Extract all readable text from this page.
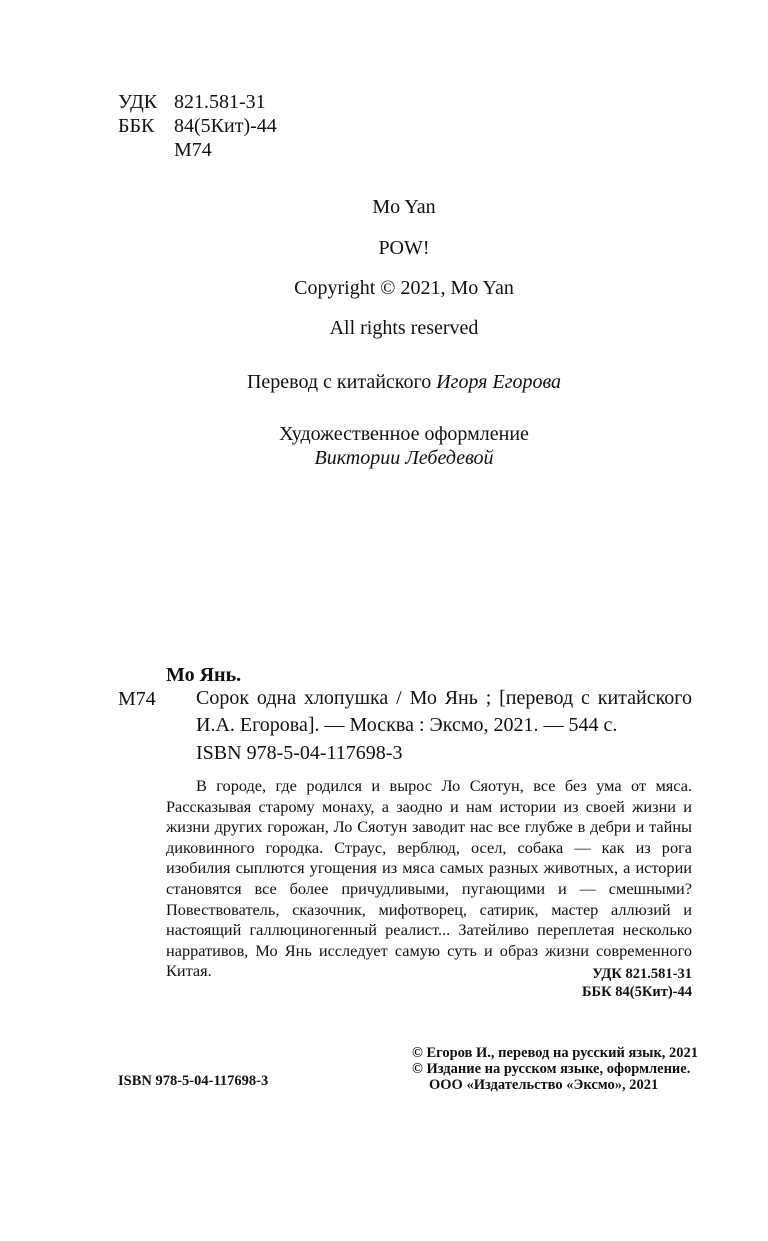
УДК 821.581-31
ББК 84(5Кит)-44
М74
Mo Yan
POW!
Copyright © 2021, Mo Yan
All rights reserved
Перевод с китайского Игоря Егорова
Художественное оформление
Виктории Лебедевой
Мо Янь.
М74 Сорок одна хлопушка / Мо Янь ; [перевод с китайского И.А. Егорова]. — Москва : Эксмо, 2021. — 544 с.
ISBN 978-5-04-117698-3
В городе, где родился и вырос Ло Сяотун, все без ума от мяса. Рассказывая старому монаху, а заодно и нам истории из своей жизни и жизни других горожан, Ло Сяотун заводит нас все глубже в дебри и тайны диковинного городка. Страус, верблюд, осел, собака — как из рога изобилия сыплются угощения из мяса самых разных животных, а истории становятся все более причудливыми, пугающими и — смешными? Повествователь, сказочник, мифотворец, сатирик, мастер аллюзий и настоящий галлюциногенный реалист... Затейливо переплетая несколько нарративов, Мо Янь исследует самую суть и образ жизни современного Китая.	УДК 821.581-31
ББК 84(5Кит)-44
© Егоров И., перевод на русский язык, 2021
© Издание на русском языке, оформление.
ООО «Издательство «Эксмо», 2021
ISBN 978-5-04-117698-3
